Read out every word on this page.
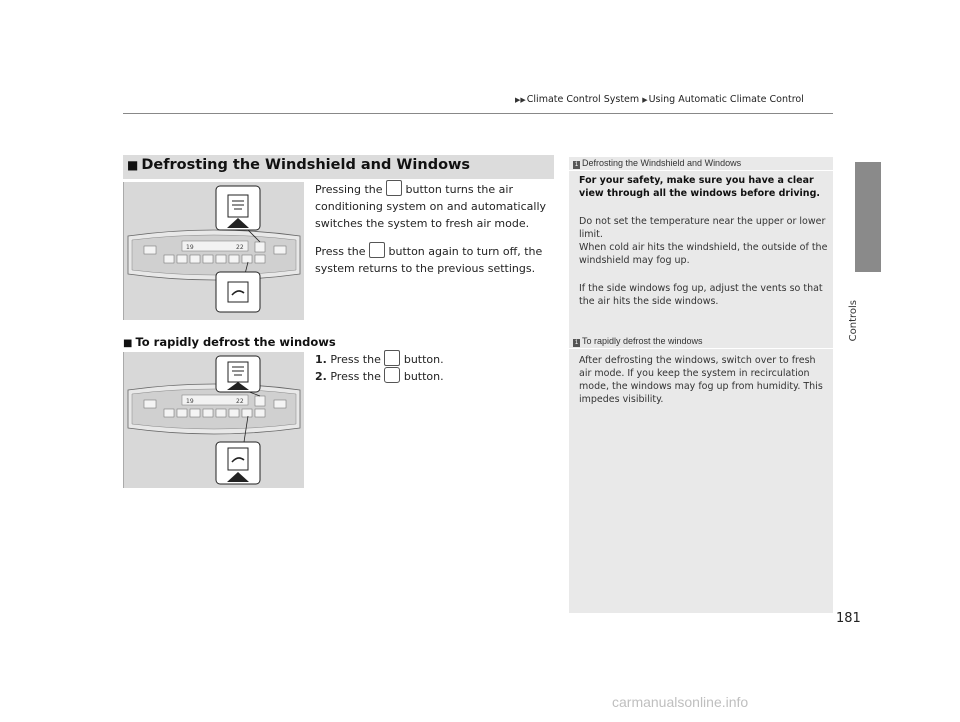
▶▶Climate Control System ▶Using Automatic Climate Control
Controls
■ Defrosting the Windshield and Windows
19	22
Pressing the button turns the air
conditioning system on and automatically
switches the system to fresh air mode.
Press the button again to turn off, the
system returns to the previous settings.
■ To rapidly defrost the windows
19	22
1. Press the button.
2. Press the button.
1 Defrosting the Windshield and Windows
For your safety, make sure you have a clear view through all the windows before driving.
Do not set the temperature near the upper or lower limit.
When cold air hits the windshield, the outside of the windshield may fog up.
If the side windows fog up, adjust the vents so that the air hits the side windows.
1 To rapidly defrost the windows
After defrosting the windows, switch over to fresh air mode. If you keep the system in recirculation mode, the windows may fog up from humidity. This impedes visibility.
181
carmanualsonline.info
